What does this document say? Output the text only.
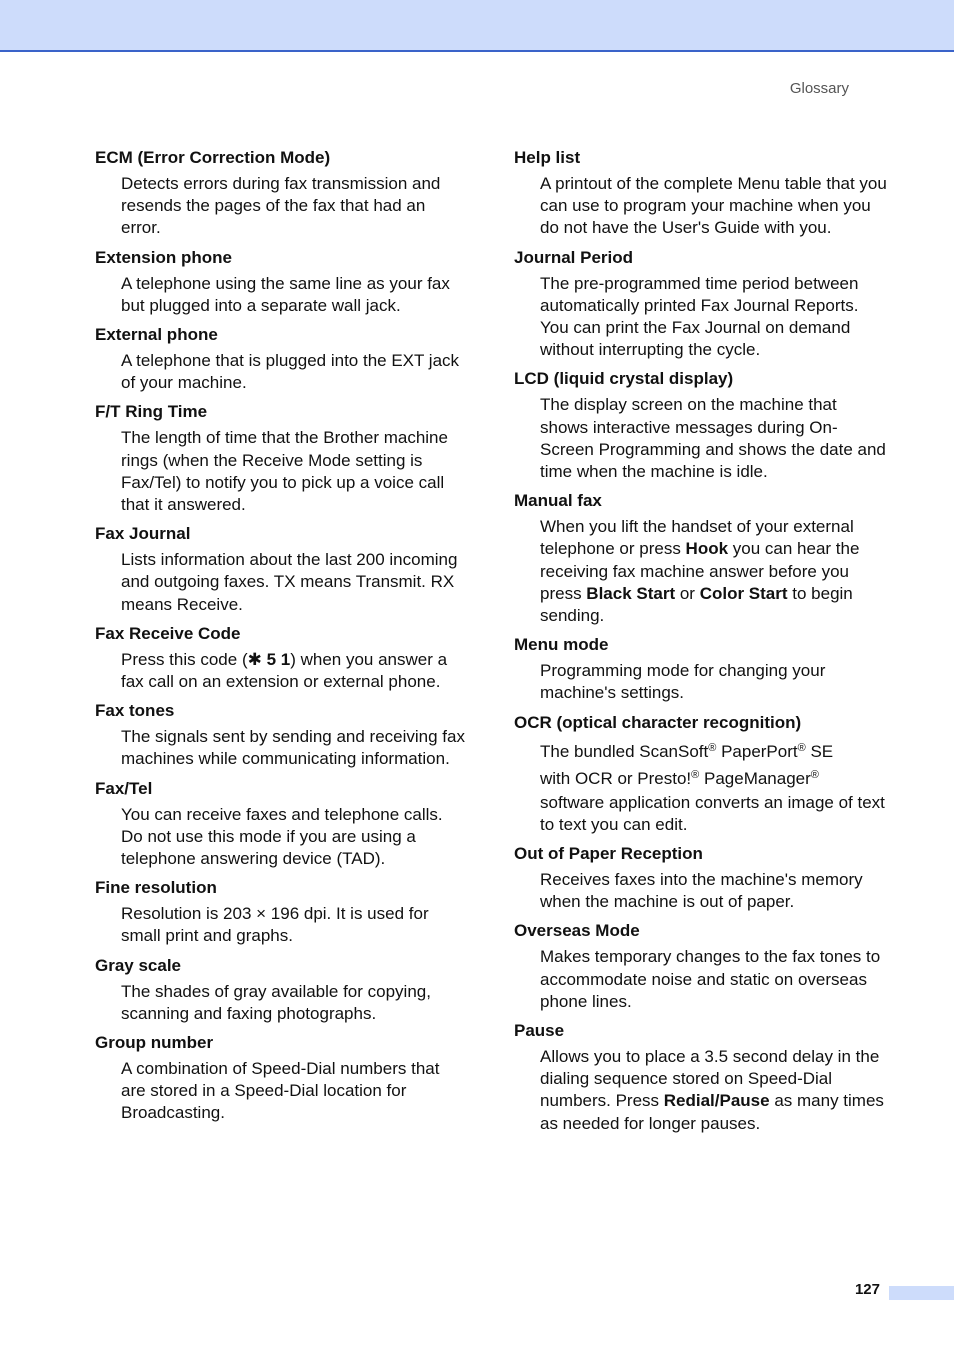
Glossary

ECM (Error Correction Mode)

Detects errors during fax transmission and resends the pages of the fax that had an error.

Extension phone

A telephone using the same line as your fax but plugged into a separate wall jack.

External phone

A telephone that is plugged into the EXT jack of your machine.

F/T Ring Time

The length of time that the Brother machine rings (when the Receive Mode setting is Fax/Tel) to notify you to pick up a voice call that it answered.

Fax Journal

Lists information about the last 200 incoming and outgoing faxes. TX means Transmit. RX means Receive.

Fax Receive Code

Press this code (✱ 5 1) when you answer a fax call on an extension or external phone.

Fax tones

The signals sent by sending and receiving fax machines while communicating information.

Fax/Tel

You can receive faxes and telephone calls. Do not use this mode if you are using a telephone answering device (TAD).

Fine resolution

Resolution is 203 × 196 dpi. It is used for small print and graphs.

Gray scale

The shades of gray available for copying, scanning and faxing photographs.

Group number

A combination of Speed-Dial numbers that are stored in a Speed-Dial location for Broadcasting.

Help list

A printout of the complete Menu table that you can use to program your machine when you do not have the User's Guide with you.

Journal Period

The pre-programmed time period between automatically printed Fax Journal Reports. You can print the Fax Journal on demand without interrupting the cycle.

LCD (liquid crystal display)

The display screen on the machine that shows interactive messages during On-Screen Programming and shows the date and time when the machine is idle.

Manual fax

When you lift the handset of your external telephone or press Hook you can hear the receiving fax machine answer before you press Black Start or Color Start to begin sending.

Menu mode

Programming mode for changing your machine's settings.

OCR (optical character recognition)

The bundled ScanSoft® PaperPort® SE
with OCR or Presto!® PageManager®
software application converts an image of text to text you can edit.

Out of Paper Reception

Receives faxes into the machine's memory when the machine is out of paper.

Overseas Mode

Makes temporary changes to the fax tones to accommodate noise and static on overseas phone lines.

Pause

Allows you to place a 3.5 second delay in the dialing sequence stored on Speed-Dial numbers. Press Redial/Pause as many times as needed for longer pauses.

127
